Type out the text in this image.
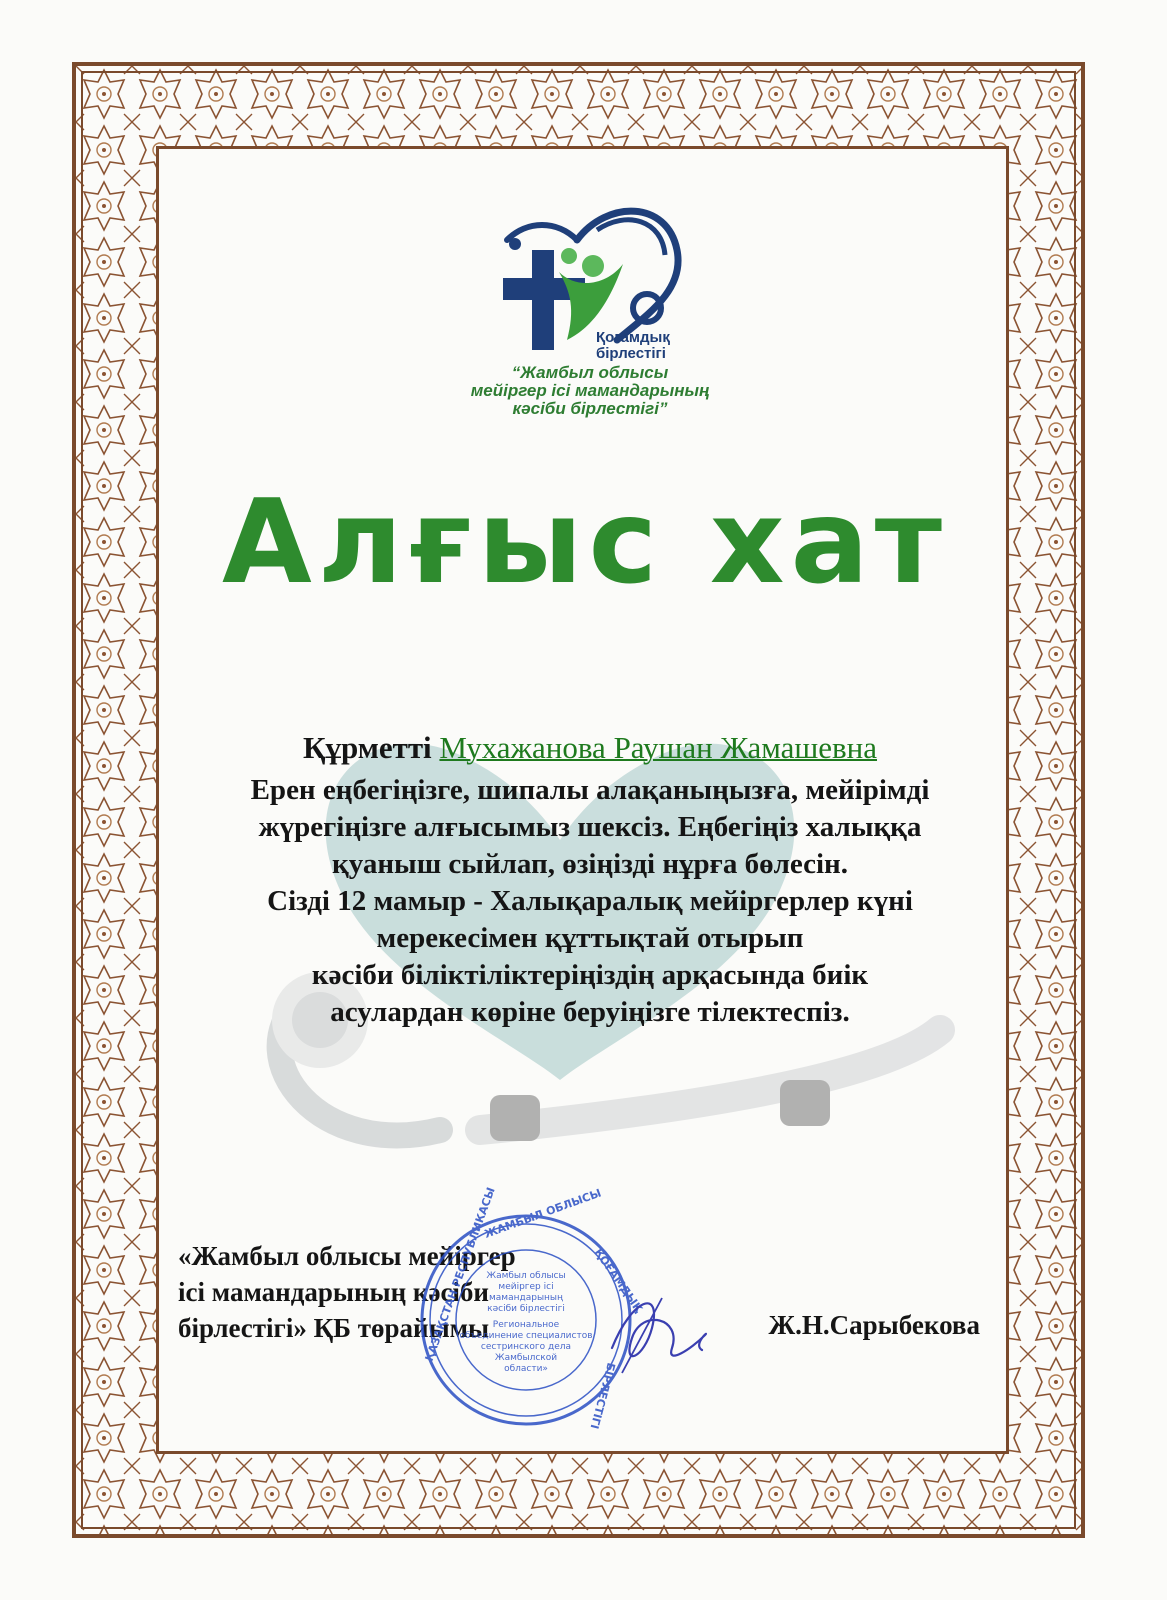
Қоғамдық
бірлестігі
“Жамбыл облысы
мейіргер ісі мамандарының
кәсіби бірлестігі”
Алғыс хат
Құрметті Мухажанова Раушан Жамашевна
Ерен еңбегіңізге, шипалы алақаныңызға, мейірімді
жүрегіңізге алғысымыз шексіз. Еңбегіңіз халыққа
қуаныш сыйлап, өзіңізді нұрға бөлесін.
Сізді 12 мамыр - Халықаралық мейіргерлер күні
мерекесімен құттықтай отырып
кәсіби біліктіліктеріңіздің арқасында биік
асулардан көріне беруіңізге тілектеспіз.
«Жамбыл облысы мейіргер
ісі мамандарының кәсіби
бірлестігі» ҚБ төрайымы
Жамбыл облысы
мейіргер ісі
мамандарының
кәсіби бірлестігі
Региональное
объединение специалистов
сестринского дела
Жамбылской
области»
ЖАМБЫЛ ОБЛЫСЫ
ҚАЗАҚСТАН РЕСПУБЛИКАСЫ	ҚОҒАМДЫҚ
БІРЛЕСТІГІ
Ж.Н.Сарыбекова
